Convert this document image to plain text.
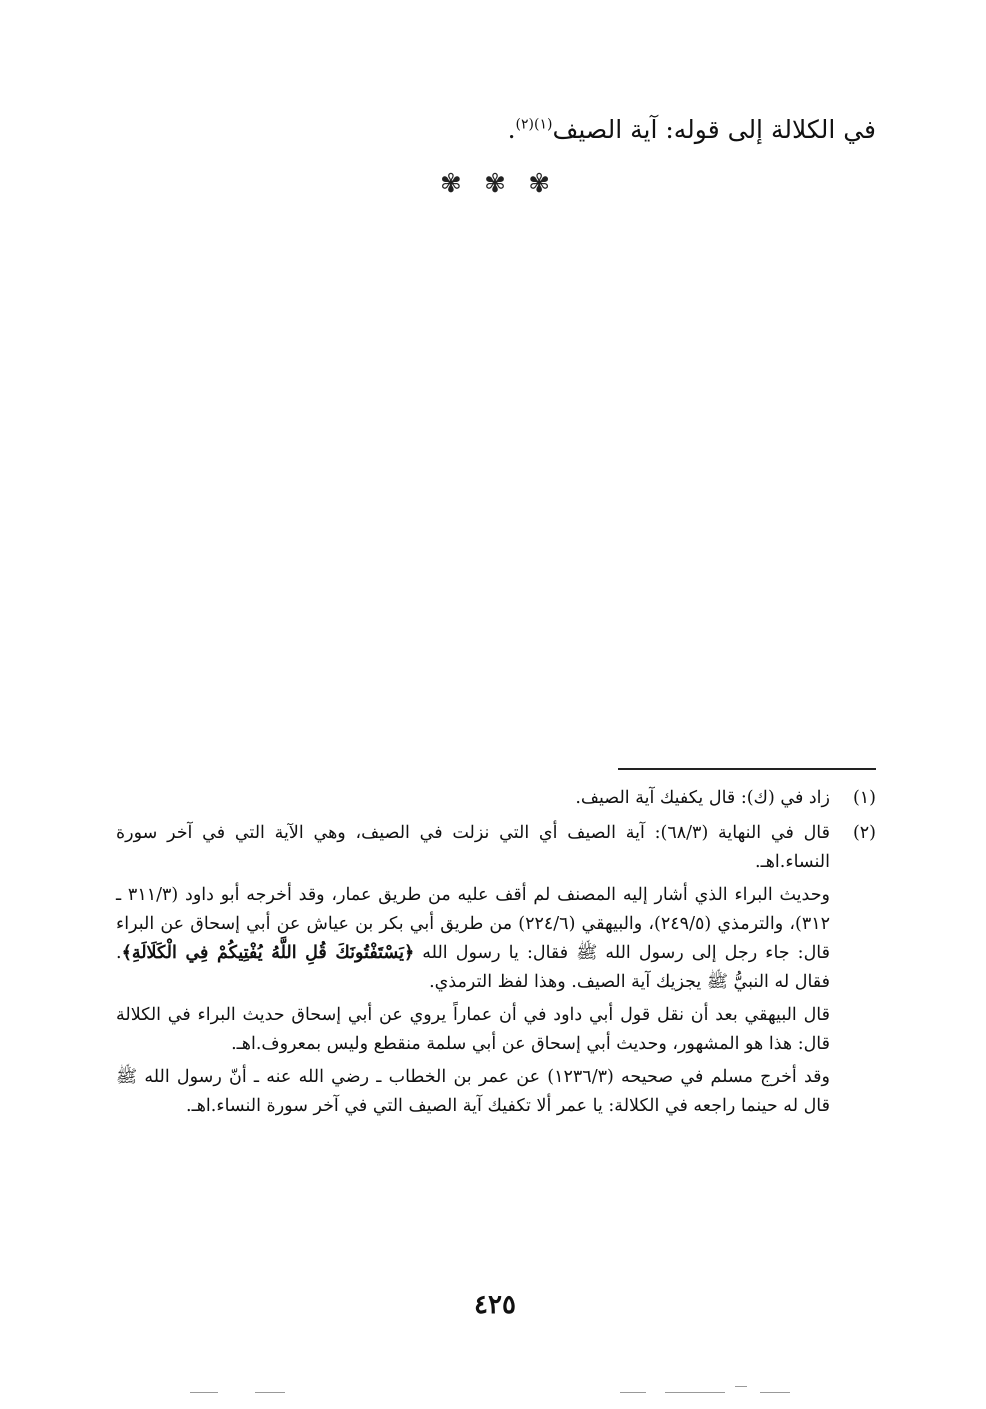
في الكلالة إلى قوله: آية الصيف$^{(١)(٢)}$.
✾ ✾ ✾
(١)

زاد في (ك): قال يكفيك آية الصيف.

(٢)

قال في النهاية (٦٨/٣): آية الصيف أي التي نزلت في الصيف، وهي الآية التي في آخر سورة النساء.اهـ.

وحديث البراء الذي أشار إليه المصنف لم أقف عليه من طريق عمار، وقد أخرجه أبو داود (٣١١/٣ ـ ٣١٢)، والترمذي (٢٤٩/٥)، والبيهقي (٢٢٤/٦) من طريق أبي بكر بن عياش عن أبي إسحاق عن البراء قال: جاء رجل إلى رسول الله ﷺ فقال: يا رسول الله ﴿يَسْتَفْتُونَكَ قُلِ اللَّهُ يُفْتِيكُمْ فِي الْكَلَالَةِ﴾. فقال له النبيُّ ﷺ يجزيك آية الصيف. وهذا لفظ الترمذي.

قال البيهقي بعد أن نقل قول أبي داود في أن عماراً يروي عن أبي إسحاق حديث البراء في الكلالة قال: هذا هو المشهور، وحديث أبي إسحاق عن أبي سلمة منقطع وليس بمعروف.اهـ.

وقد أخرج مسلم في صحيحه (١٢٣٦/٣) عن عمر بن الخطاب ـ رضي الله عنه ـ أنّ رسول الله ﷺ قال له حينما راجعه في الكلالة: يا عمر ألا تكفيك آية الصيف التي في آخر سورة النساء.اهـ.

٤٢٥
